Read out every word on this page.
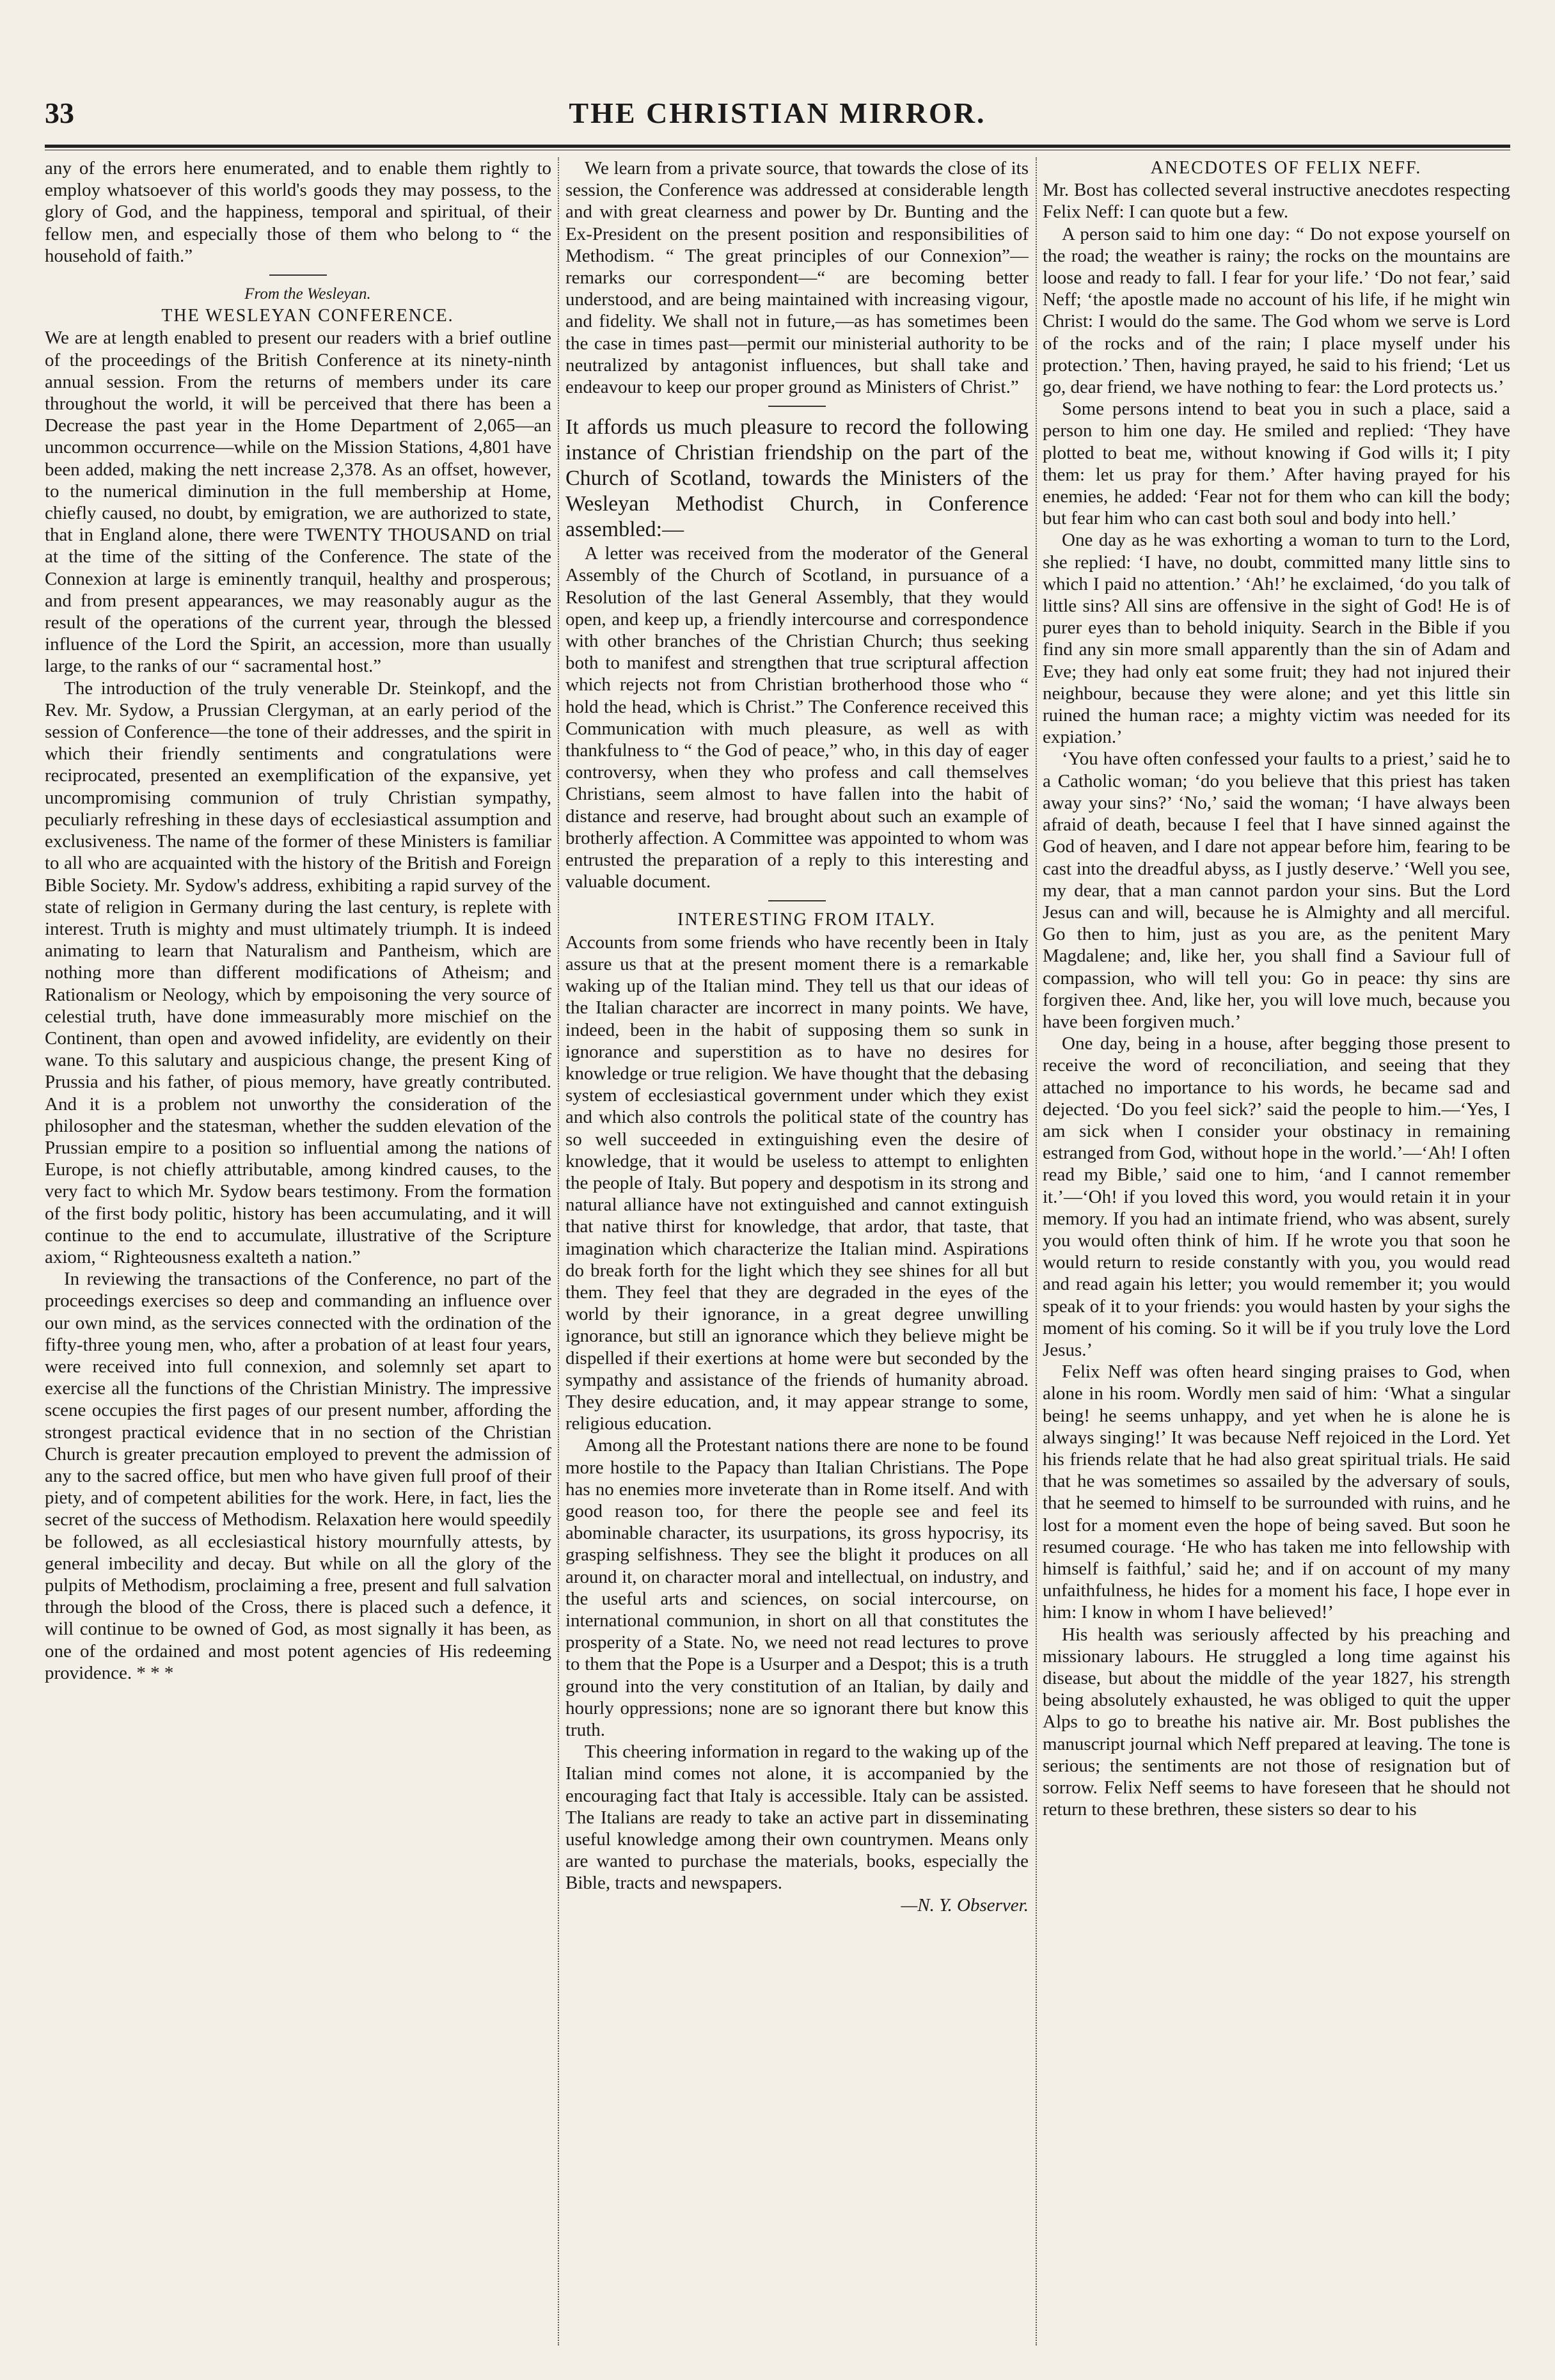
33	THE CHRISTIAN MIRROR.

any of the errors here enumerated, and to enable them rightly to employ whatsoever of this world's goods they may possess, to the glory of God, and the happiness, temporal and spiritual, of their fellow men, and especially those of them who belong to “ the household of faith.”

From the Wesleyan.

THE WESLEYAN CONFERENCE.

We are at length enabled to present our readers with a brief outline of the proceedings of the British Conference at its ninety-ninth annual session. From the returns of members under its care throughout the world, it will be perceived that there has been a Decrease the past year in the Home Department of 2,065—an uncommon occurrence—while on the Mission Stations, 4,801 have been added, making the nett increase 2,378. As an offset, however, to the numerical diminution in the full membership at Home, chiefly caused, no doubt, by emigration, we are authorized to state, that in England alone, there were TWENTY THOUSAND on trial at the time of the sitting of the Conference. The state of the Connexion at large is eminently tranquil, healthy and prosperous; and from present appearances, we may reasonably augur as the result of the operations of the current year, through the blessed influence of the Lord the Spirit, an accession, more than usually large, to the ranks of our “ sacramental host.”

The introduction of the truly venerable Dr. Steinkopf, and the Rev. Mr. Sydow, a Prussian Clergyman, at an early period of the session of Conference—the tone of their addresses, and the spirit in which their friendly sentiments and congratulations were reciprocated, presented an exemplification of the expansive, yet uncompromising communion of truly Christian sympathy, peculiarly refreshing in these days of ecclesiastical assumption and exclusiveness. The name of the former of these Ministers is familiar to all who are acquainted with the history of the British and Foreign Bible Society. Mr. Sydow's address, exhibiting a rapid survey of the state of religion in Germany during the last century, is replete with interest. Truth is mighty and must ultimately triumph. It is indeed animating to learn that Naturalism and Pantheism, which are nothing more than different modifications of Atheism; and Rationalism or Neology, which by empoisoning the very source of celestial truth, have done immeasurably more mischief on the Continent, than open and avowed infidelity, are evidently on their wane. To this salutary and auspicious change, the present King of Prussia and his father, of pious memory, have greatly contributed. And it is a problem not unworthy the consideration of the philosopher and the statesman, whether the sudden elevation of the Prussian empire to a position so influential among the nations of Europe, is not chiefly attributable, among kindred causes, to the very fact to which Mr. Sydow bears testimony. From the formation of the first body politic, history has been accumulating, and it will continue to the end to accumulate, illustrative of the Scripture axiom, “ Righteousness exalteth a nation.”

In reviewing the transactions of the Conference, no part of the proceedings exercises so deep and commanding an influence over our own mind, as the services connected with the ordination of the fifty-three young men, who, after a probation of at least four years, were received into full connexion, and solemnly set apart to exercise all the functions of the Christian Ministry. The impressive scene occupies the first pages of our present number, affording the strongest practical evidence that in no section of the Christian Church is greater precaution employed to prevent the admission of any to the sacred office, but men who have given full proof of their piety, and of competent abilities for the work. Here, in fact, lies the secret of the success of Methodism. Relaxation here would speedily be followed, as all ecclesiastical history mournfully attests, by general imbecility and decay. But while on all the glory of the pulpits of Methodism, proclaiming a free, present and full salvation through the blood of the Cross, there is placed such a defence, it will continue to be owned of God, as most signally it has been, as one of the ordained and most potent agencies of His redeeming providence. * * *

We learn from a private source, that towards the close of its session, the Conference was addressed at considerable length and with great clearness and power by Dr. Bunting and the Ex-President on the present position and responsibilities of Methodism. “ The great principles of our Connexion”—remarks our correspondent—“ are becoming better understood, and are being maintained with increasing vigour, and fidelity. We shall not in future,—as has sometimes been the case in times past—permit our ministerial authority to be neutralized by antagonist influences, but shall take and endeavour to keep our proper ground as Ministers of Christ.”

It affords us much pleasure to record the following instance of Christian friendship on the part of the Church of Scotland, towards the Ministers of the Wesleyan Methodist Church, in Conference assembled:—

A letter was received from the moderator of the General Assembly of the Church of Scotland, in pursuance of a Resolution of the last General Assembly, that they would open, and keep up, a friendly intercourse and correspondence with other branches of the Christian Church; thus seeking both to manifest and strengthen that true scriptural affection which rejects not from Christian brotherhood those who “ hold the head, which is Christ.” The Conference received this Communication with much pleasure, as well as with thankfulness to “ the God of peace,” who, in this day of eager controversy, when they who profess and call themselves Christians, seem almost to have fallen into the habit of distance and reserve, had brought about such an example of brotherly affection. A Committee was appointed to whom was entrusted the preparation of a reply to this interesting and valuable document.

INTERESTING FROM ITALY.

Accounts from some friends who have recently been in Italy assure us that at the present moment there is a remarkable waking up of the Italian mind. They tell us that our ideas of the Italian character are incorrect in many points. We have, indeed, been in the habit of supposing them so sunk in ignorance and superstition as to have no desires for knowledge or true religion. We have thought that the debasing system of ecclesiastical government under which they exist and which also controls the political state of the country has so well succeeded in extinguishing even the desire of knowledge, that it would be useless to attempt to enlighten the people of Italy. But popery and despotism in its strong and natural alliance have not extinguished and cannot extinguish that native thirst for knowledge, that ardor, that taste, that imagination which characterize the Italian mind. Aspirations do break forth for the light which they see shines for all but them. They feel that they are degraded in the eyes of the world by their ignorance, in a great degree unwilling ignorance, but still an ignorance which they believe might be dispelled if their exertions at home were but seconded by the sympathy and assistance of the friends of humanity abroad. They desire education, and, it may appear strange to some, religious education.

Among all the Protestant nations there are none to be found more hostile to the Papacy than Italian Christians. The Pope has no enemies more inveterate than in Rome itself. And with good reason too, for there the people see and feel its abominable character, its usurpations, its gross hypocrisy, its grasping selfishness. They see the blight it produces on all around it, on character moral and intellectual, on industry, and the useful arts and sciences, on social intercourse, on international communion, in short on all that constitutes the prosperity of a State. No, we need not read lectures to prove to them that the Pope is a Usurper and a Despot; this is a truth ground into the very constitution of an Italian, by daily and hourly oppressions; none are so ignorant there but know this truth.

This cheering information in regard to the waking up of the Italian mind comes not alone, it is accompanied by the encouraging fact that Italy is accessible. Italy can be assisted. The Italians are ready to take an active part in disseminating useful knowledge among their own countrymen. Means only are wanted to purchase the materials, books, especially the Bible, tracts and newspapers.

—N. Y. Observer.

ANECDOTES OF FELIX NEFF.

Mr. Bost has collected several instructive anecdotes respecting Felix Neff: I can quote but a few.

A person said to him one day: “ Do not expose yourself on the road; the weather is rainy; the rocks on the mountains are loose and ready to fall. I fear for your life.’ ‘Do not fear,’ said Neff; ‘the apostle made no account of his life, if he might win Christ: I would do the same. The God whom we serve is Lord of the rocks and of the rain; I place myself under his protection.’ Then, having prayed, he said to his friend; ‘Let us go, dear friend, we have nothing to fear: the Lord protects us.’

Some persons intend to beat you in such a place, said a person to him one day. He smiled and replied: ‘They have plotted to beat me, without knowing if God wills it; I pity them: let us pray for them.’ After having prayed for his enemies, he added: ‘Fear not for them who can kill the body; but fear him who can cast both soul and body into hell.’

One day as he was exhorting a woman to turn to the Lord, she replied: ‘I have, no doubt, committed many little sins to which I paid no attention.’ ‘Ah!’ he exclaimed, ‘do you talk of little sins? All sins are offensive in the sight of God! He is of purer eyes than to behold iniquity. Search in the Bible if you find any sin more small apparently than the sin of Adam and Eve; they had only eat some fruit; they had not injured their neighbour, because they were alone; and yet this little sin ruined the human race; a mighty victim was needed for its expiation.’

‘You have often confessed your faults to a priest,’ said he to a Catholic woman; ‘do you believe that this priest has taken away your sins?’ ‘No,’ said the woman; ‘I have always been afraid of death, because I feel that I have sinned against the God of heaven, and I dare not appear before him, fearing to be cast into the dreadful abyss, as I justly deserve.’ ‘Well you see, my dear, that a man cannot pardon your sins. But the Lord Jesus can and will, because he is Almighty and all merciful. Go then to him, just as you are, as the penitent Mary Magdalene; and, like her, you shall find a Saviour full of compassion, who will tell you: Go in peace: thy sins are forgiven thee. And, like her, you will love much, because you have been forgiven much.’

One day, being in a house, after begging those present to receive the word of reconciliation, and seeing that they attached no importance to his words, he became sad and dejected. ‘Do you feel sick?’ said the people to him.—‘Yes, I am sick when I consider your obstinacy in remaining estranged from God, without hope in the world.’—‘Ah! I often read my Bible,’ said one to him, ‘and I cannot remember it.’—‘Oh! if you loved this word, you would retain it in your memory. If you had an intimate friend, who was absent, surely you would often think of him. If he wrote you that soon he would return to reside constantly with you, you would read and read again his letter; you would remember it; you would speak of it to your friends: you would hasten by your sighs the moment of his coming. So it will be if you truly love the Lord Jesus.’

Felix Neff was often heard singing praises to God, when alone in his room. Wordly men said of him: ‘What a singular being! he seems unhappy, and yet when he is alone he is always singing!’ It was because Neff rejoiced in the Lord. Yet his friends relate that he had also great spiritual trials. He said that he was sometimes so assailed by the adversary of souls, that he seemed to himself to be surrounded with ruins, and he lost for a moment even the hope of being saved. But soon he resumed courage. ‘He who has taken me into fellowship with himself is faithful,’ said he; and if on account of my many unfaithfulness, he hides for a moment his face, I hope ever in him: I know in whom I have believed!’

His health was seriously affected by his preaching and missionary labours. He struggled a long time against his disease, but about the middle of the year 1827, his strength being absolutely exhausted, he was obliged to quit the upper Alps to go to breathe his native air. Mr. Bost publishes the manuscript journal which Neff prepared at leaving. The tone is serious; the sentiments are not those of resignation but of sorrow. Felix Neff seems to have foreseen that he should not return to these brethren, these sisters so dear to his
